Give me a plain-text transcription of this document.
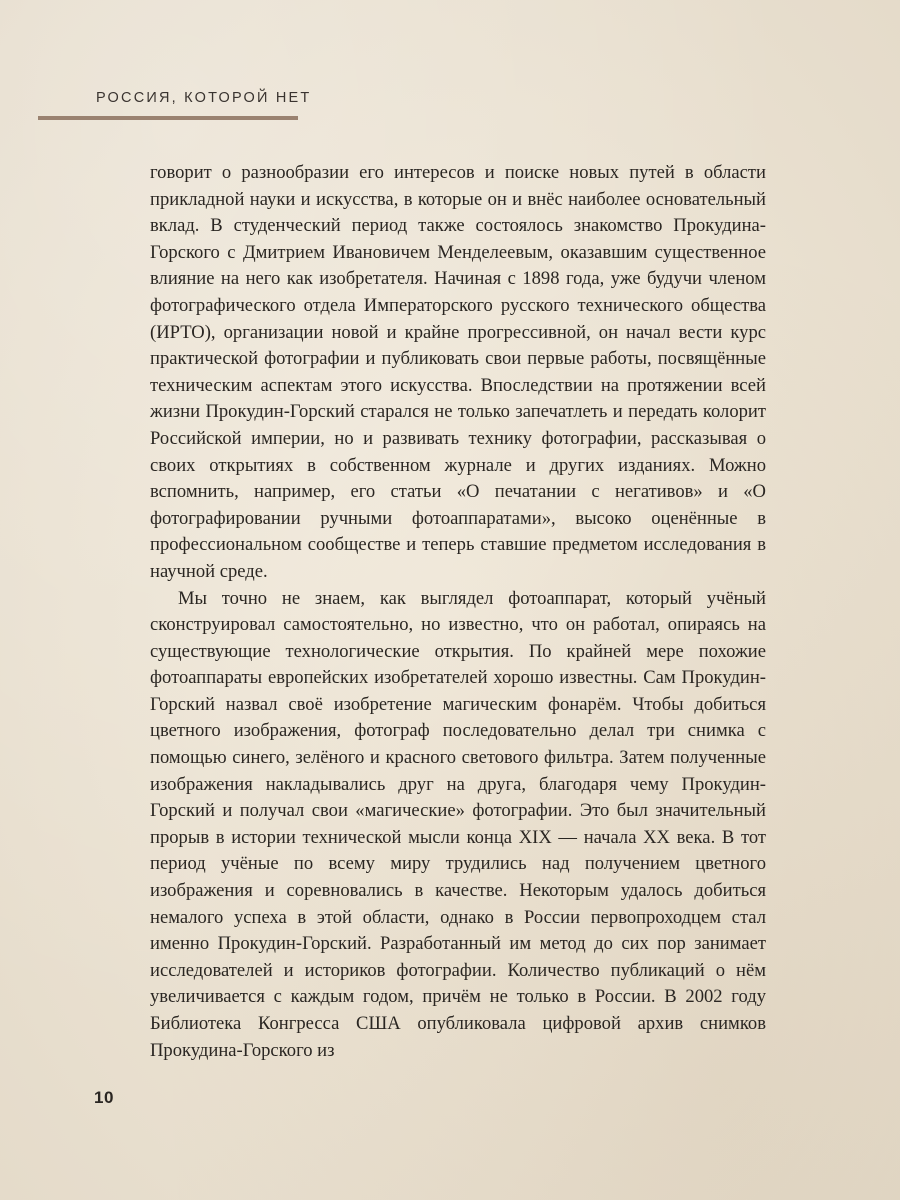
РОССИЯ, КОТОРОЙ НЕТ

говорит о разнообразии его интересов и поиске новых путей в области прикладной науки и искусства, в которые он и внёс наиболее основательный вклад. В студенческий период также состоялось знакомство Прокудина-Горского с Дмитрием Ивановичем Менделеевым, оказавшим существенное влияние на него как изобретателя. Начиная с 1898 года, уже будучи членом фотографического отдела Императорского русского технического общества (ИРТО), организации новой и крайне прогрессивной, он начал вести курс практической фотографии и публиковать свои первые работы, посвящённые техническим аспектам этого искусства. Впоследствии на протяжении всей жизни Прокудин-Горский старался не только запечатлеть и передать колорит Российской империи, но и развивать технику фотографии, рассказывая о своих открытиях в собственном журнале и других изданиях. Можно вспомнить, например, его статьи «О печатании с негативов» и «О фотографировании ручными фотоаппаратами», высоко оценённые в профессиональном сообществе и теперь ставшие предметом исследования в научной среде.

Мы точно не знаем, как выглядел фотоаппарат, который учёный сконструировал самостоятельно, но известно, что он работал, опираясь на существующие технологические открытия. По крайней мере похожие фотоаппараты европейских изобретателей хорошо известны. Сам Прокудин-Горский назвал своё изобретение магическим фонарём. Чтобы добиться цветного изображения, фотограф последовательно делал три снимка с помощью синего, зелёного и красного светового фильтра. Затем полученные изображения накладывались друг на друга, благодаря чему Прокудин-Горский и получал свои «магические» фотографии. Это был значительный прорыв в истории технической мысли конца XIX — начала XX века. В тот период учёные по всему миру трудились над получением цветного изображения и соревновались в качестве. Некоторым удалось добиться немалого успеха в этой области, однако в России первопроходцем стал именно Прокудин-Горский. Разработанный им метод до сих пор занимает исследователей и историков фотографии. Количество публикаций о нём увеличивается с каждым годом, причём не только в России. В 2002 году Библиотека Конгресса США опубликовала цифровой архив снимков Прокудина-Горского из

10
